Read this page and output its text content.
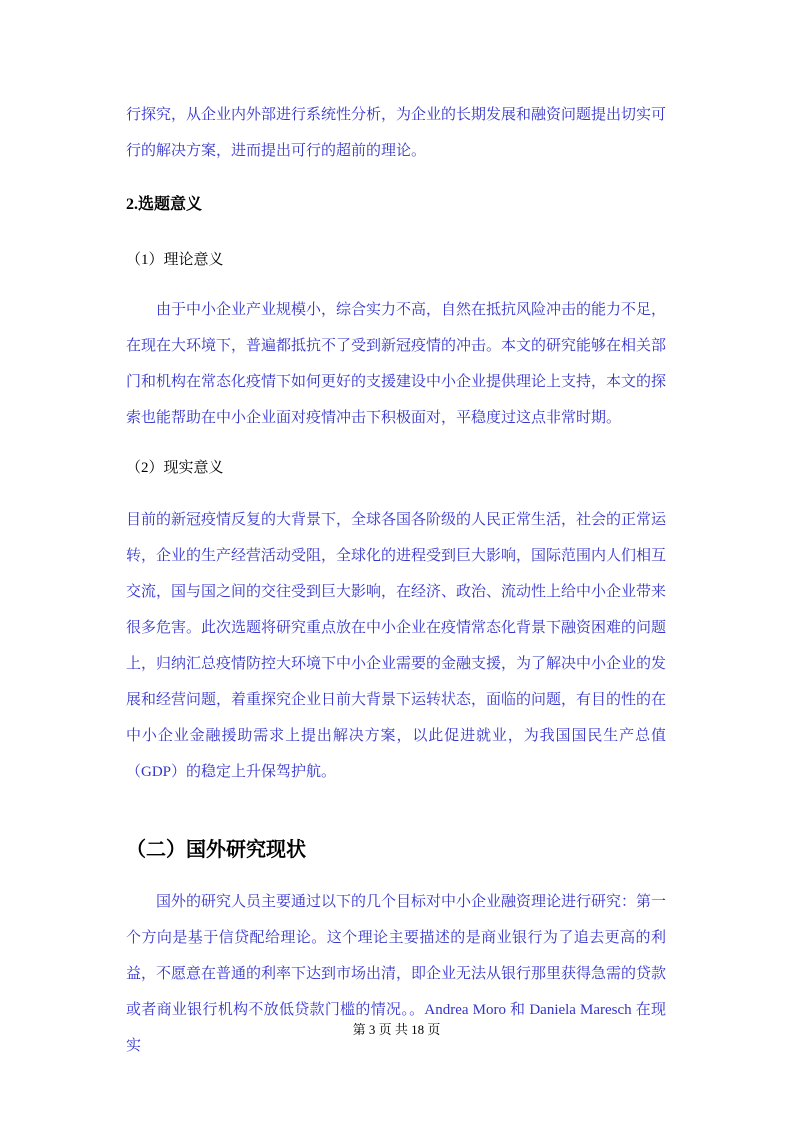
行探究，从企业内外部进行系统性分析，为企业的长期发展和融资问题提出切实可行的解决方案，进而提出可行的超前的理论。

2.选题意义
（1）理论意义

由于中小企业产业规模小，综合实力不高，自然在抵抗风险冲击的能力不足，在现在大环境下，普遍都抵抗不了受到新冠疫情的冲击。本文的研究能够在相关部门和机构在常态化疫情下如何更好的支援建设中小企业提供理论上支持，本文的探索也能帮助在中小企业面对疫情冲击下积极面对，平稳度过这点非常时期。

（2）现实意义

目前的新冠疫情反复的大背景下，全球各国各阶级的人民正常生活，社会的正常运转，企业的生产经营活动受阻，全球化的进程受到巨大影响，国际范围内人们相互交流，国与国之间的交往受到巨大影响，在经济、政治、流动性上给中小企业带来很多危害。此次选题将研究重点放在中小企业在疫情常态化背景下融资困难的问题上，归纳汇总疫情防控大环境下中小企业需要的金融支援，为了解决中小企业的发展和经营问题，着重探究企业日前大背景下运转状态，面临的问题，有目的性的在中小企业金融援助需求上提出解决方案，以此促进就业，为我国国民生产总值（GDP）的稳定上升保驾护航。

（二）国外研究现状

国外的研究人员主要通过以下的几个目标对中小企业融资理论进行研究：第一个方向是基于信贷配给理论。这个理论主要描述的是商业银行为了追去更高的利益，不愿意在普通的利率下达到市场出清，即企业无法从银行那里获得急需的贷款或者商业银行机构不放低贷款门槛的情况。。Andrea Moro 和 Daniela Maresch 在现实

第 3 页 共 18 页
